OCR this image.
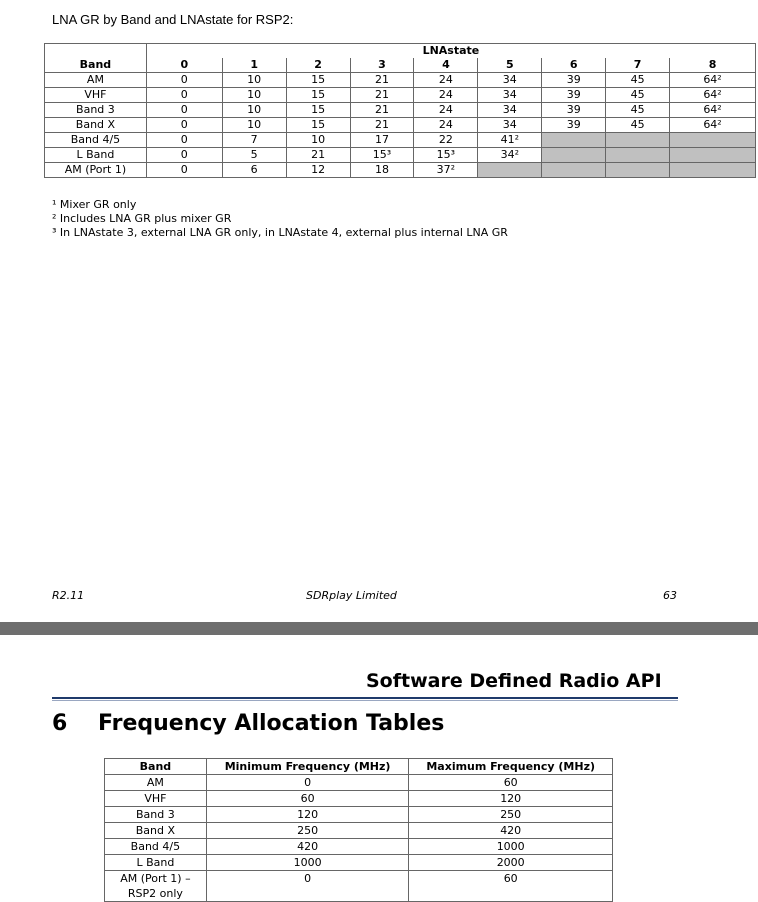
LNA GR by Band and LNAstate for RSP2:
	LNAstate								
Band	0	1	2	3	4	5	6	7	8
AM	0	10	15	21	24	34	39	45	64²
VHF	0	10	15	21	24	34	39	45	64²
Band 3	0	10	15	21	24	34	39	45	64²
Band X	0	10	15	21	24	34	39	45	64²
Band 4/5	0	7	10	17	22	41²			
L Band	0	5	21	15³	15³	34²			
AM (Port 1)	0	6	12	18	37²				
¹ Mixer GR only
² Includes LNA GR plus mixer GR
³ In LNAstate 3, external LNA GR only, in LNAstate 4, external plus internal LNA GR
R2.11	SDRplay Limited	63
Software Defined Radio API
6 Frequency Allocation Tables
Band	Minimum Frequency (MHz)	Maximum Frequency (MHz)
AM	0	60
VHF	60	120
Band 3	120	250
Band X	250	420
Band 4/5	420	1000
L Band	1000	2000
AM (Port 1) –
RSP2 only	0	60
